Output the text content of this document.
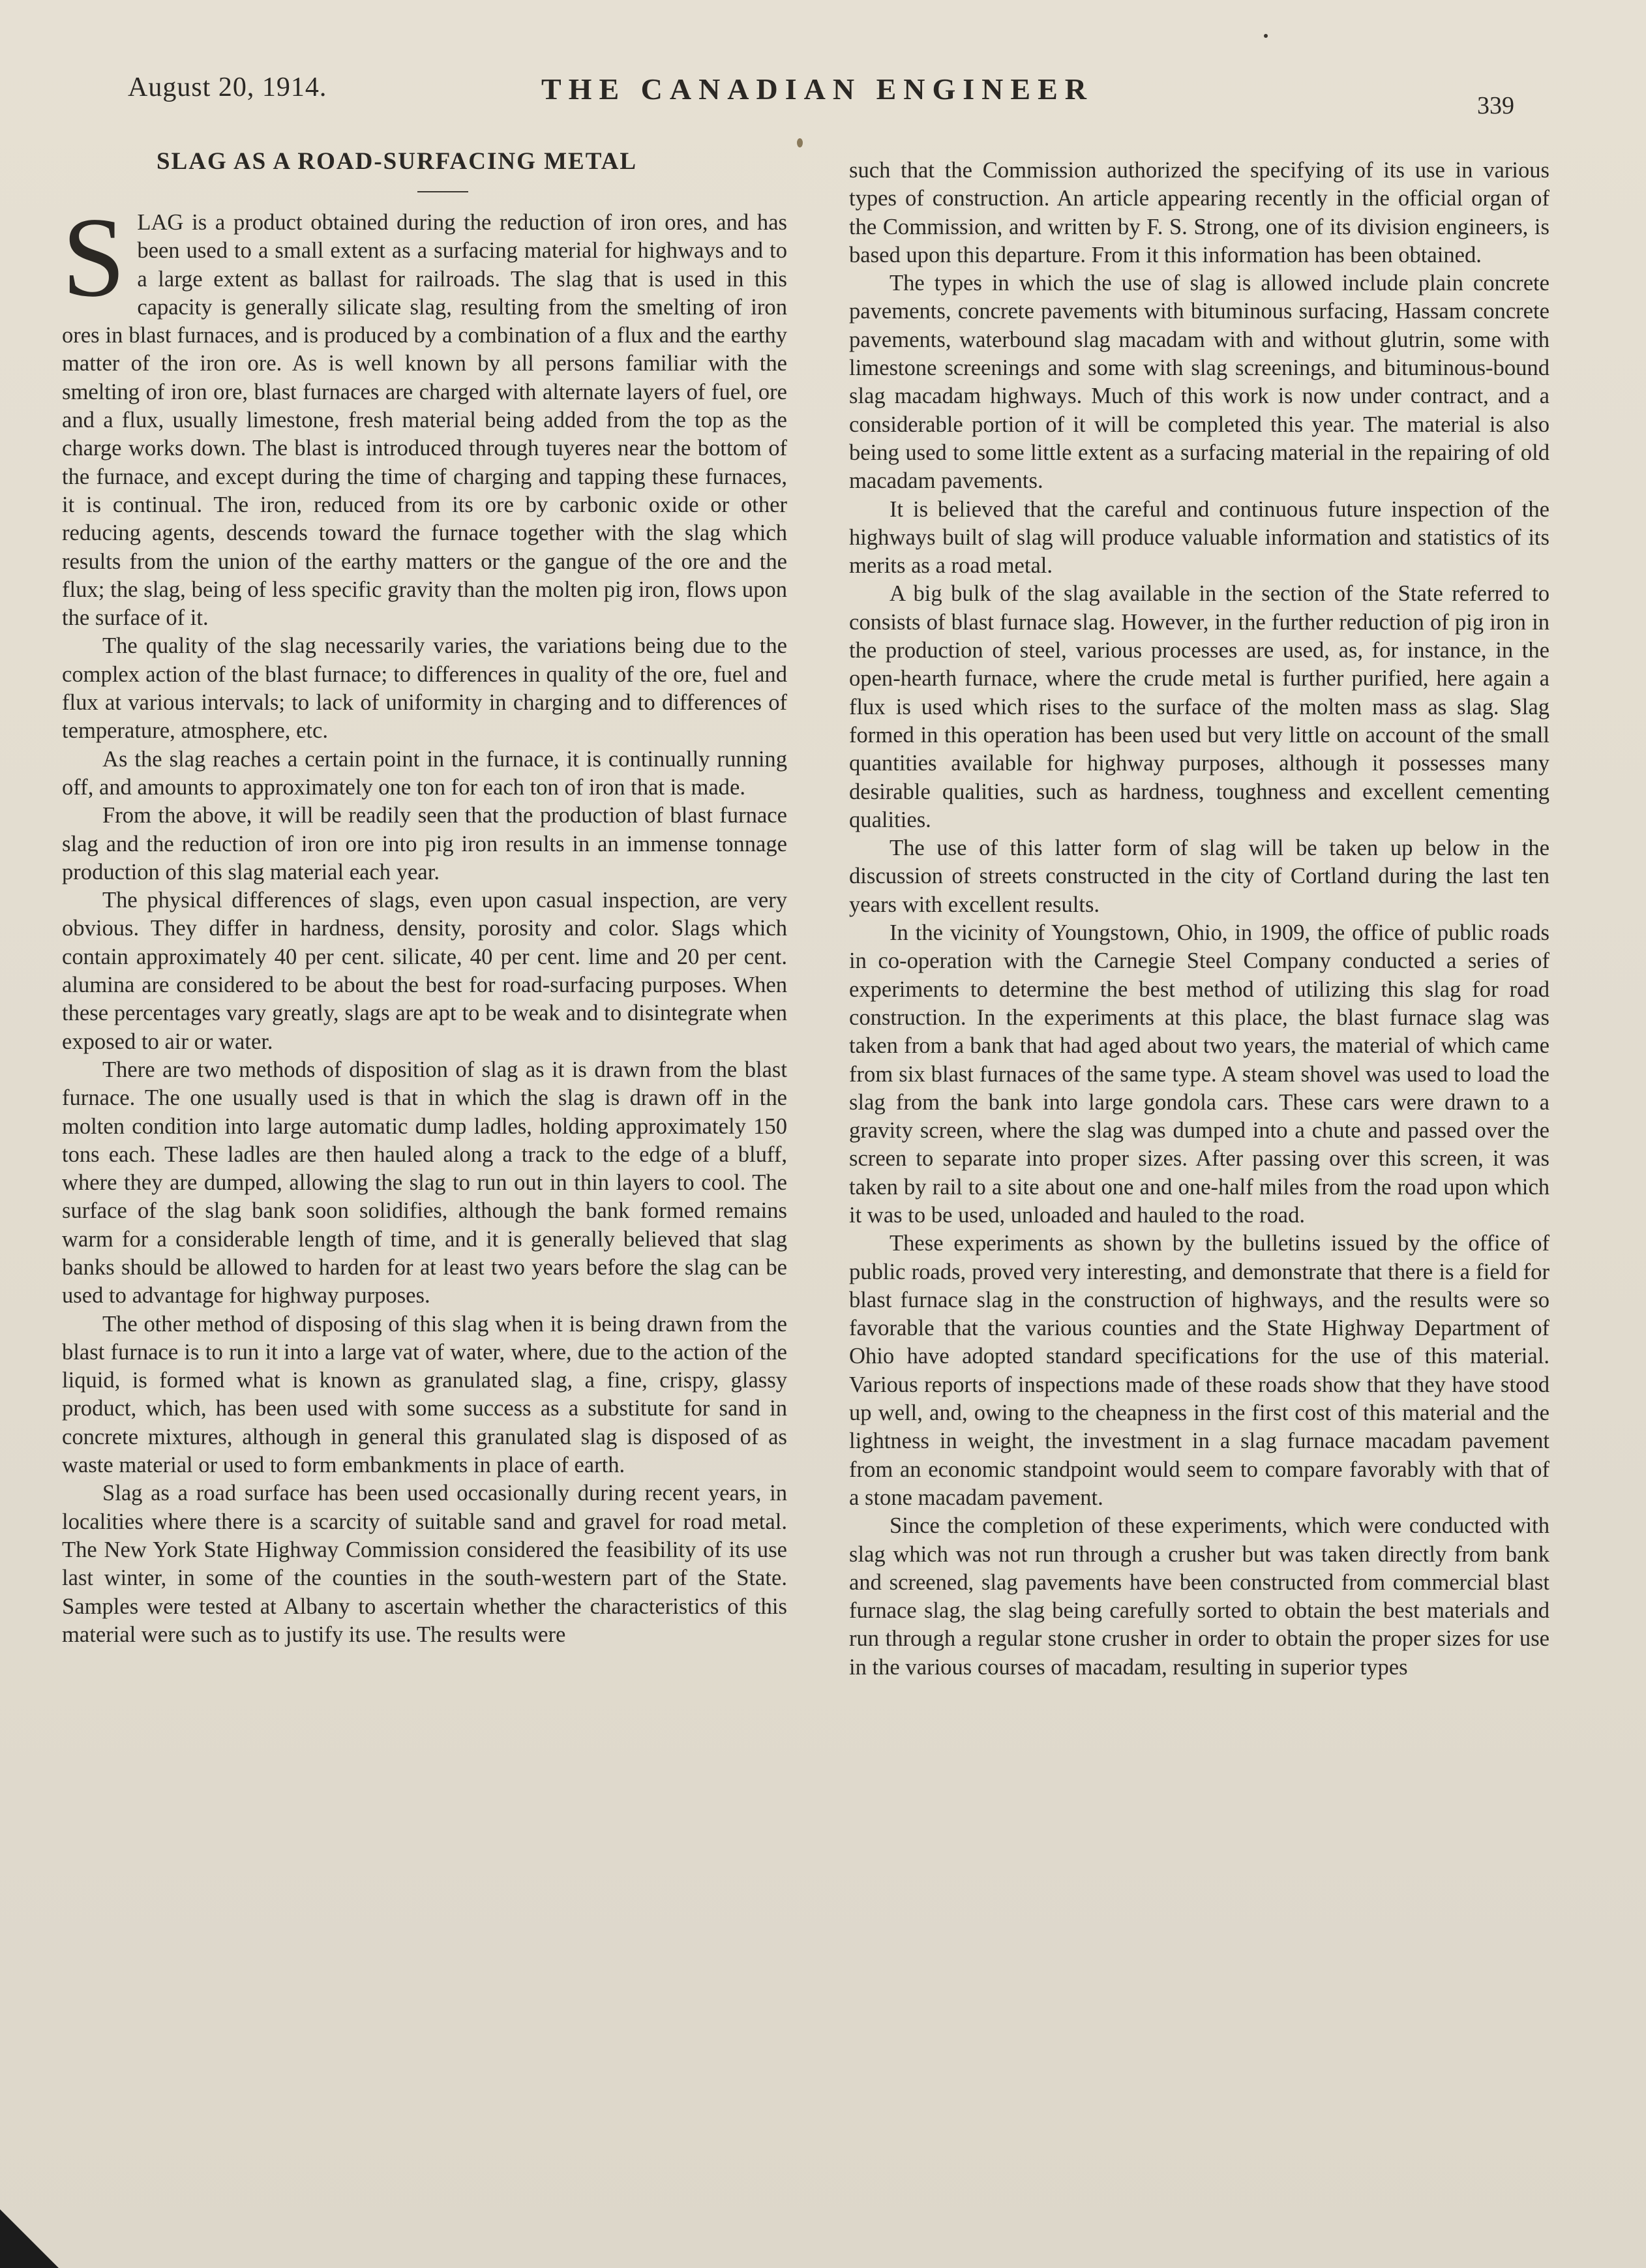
August 20, 1914.	THE CANADIAN ENGINEER	339
SLAG AS A ROAD-SURFACING METAL

SLAG is a product obtained during the reduction of iron ores, and has been used to a small extent as a surfacing material for highways and to a large extent as ballast for railroads. The slag that is used in this capacity is generally silicate slag, resulting from the smelting of iron ores in blast furnaces, and is produced by a combination of a flux and the earthy matter of the iron ore. As is well known by all persons familiar with the smelting of iron ore, blast furnaces are charged with alternate layers of fuel, ore and a flux, usually limestone, fresh material being added from the top as the charge works down. The blast is introduced through tuyeres near the bottom of the furnace, and except during the time of charging and tapping these furnaces, it is continual. The iron, reduced from its ore by carbonic oxide or other reducing agents, descends toward the furnace together with the slag which results from the union of the earthy matters or the gangue of the ore and the flux; the slag, being of less specific gravity than the molten pig iron, flows upon the surface of it.

The quality of the slag necessarily varies, the variations being due to the complex action of the blast furnace; to differences in quality of the ore, fuel and flux at various intervals; to lack of uniformity in charging and to differences of temperature, atmosphere, etc.

As the slag reaches a certain point in the furnace, it is continually running off, and amounts to approximately one ton for each ton of iron that is made.

From the above, it will be readily seen that the production of blast furnace slag and the reduction of iron ore into pig iron results in an immense tonnage production of this slag material each year.

The physical differences of slags, even upon casual inspection, are very obvious. They differ in hardness, density, porosity and color. Slags which contain approximately 40 per cent. silicate, 40 per cent. lime and 20 per cent. alumina are considered to be about the best for road-surfacing purposes. When these percentages vary greatly, slags are apt to be weak and to disintegrate when exposed to air or water.

There are two methods of disposition of slag as it is drawn from the blast furnace. The one usually used is that in which the slag is drawn off in the molten condition into large automatic dump ladles, holding approximately 150 tons each. These ladles are then hauled along a track to the edge of a bluff, where they are dumped, allowing the slag to run out in thin layers to cool. The surface of the slag bank soon solidifies, although the bank formed remains warm for a considerable length of time, and it is generally believed that slag banks should be allowed to harden for at least two years before the slag can be used to advantage for highway purposes.

The other method of disposing of this slag when it is being drawn from the blast furnace is to run it into a large vat of water, where, due to the action of the liquid, is formed what is known as granulated slag, a fine, crispy, glassy product, which, has been used with some success as a substitute for sand in concrete mixtures, although in general this granulated slag is disposed of as waste material or used to form embankments in place of earth.

Slag as a road surface has been used occasionally during recent years, in localities where there is a scarcity of suitable sand and gravel for road metal. The New York State Highway Commission considered the feasibility of its use last winter, in some of the counties in the south-western part of the State. Samples were tested at Albany to ascertain whether the characteristics of this material were such as to justify its use. The results were

such that the Commission authorized the specifying of its use in various types of construction. An article appearing recently in the official organ of the Commission, and written by F. S. Strong, one of its division engineers, is based upon this departure. From it this information has been obtained.

The types in which the use of slag is allowed include plain concrete pavements, concrete pavements with bituminous surfacing, Hassam concrete pavements, waterbound slag macadam with and without glutrin, some with limestone screenings and some with slag screenings, and bituminous-bound slag macadam highways. Much of this work is now under contract, and a considerable portion of it will be completed this year. The material is also being used to some little extent as a surfacing material in the repairing of old macadam pavements.

It is believed that the careful and continuous future inspection of the highways built of slag will produce valuable information and statistics of its merits as a road metal.

A big bulk of the slag available in the section of the State referred to consists of blast furnace slag. However, in the further reduction of pig iron in the production of steel, various processes are used, as, for instance, in the open-hearth furnace, where the crude metal is further purified, here again a flux is used which rises to the surface of the molten mass as slag. Slag formed in this operation has been used but very little on account of the small quantities available for highway purposes, although it possesses many desirable qualities, such as hardness, toughness and excellent cementing qualities.

The use of this latter form of slag will be taken up below in the discussion of streets constructed in the city of Cortland during the last ten years with excellent results.

In the vicinity of Youngstown, Ohio, in 1909, the office of public roads in co-operation with the Carnegie Steel Company conducted a series of experiments to determine the best method of utilizing this slag for road construction. In the experiments at this place, the blast furnace slag was taken from a bank that had aged about two years, the material of which came from six blast furnaces of the same type. A steam shovel was used to load the slag from the bank into large gondola cars. These cars were drawn to a gravity screen, where the slag was dumped into a chute and passed over the screen to separate into proper sizes. After passing over this screen, it was taken by rail to a site about one and one-half miles from the road upon which it was to be used, unloaded and hauled to the road.

These experiments as shown by the bulletins issued by the office of public roads, proved very interesting, and demonstrate that there is a field for blast furnace slag in the construction of highways, and the results were so favorable that the various counties and the State Highway Department of Ohio have adopted standard specifications for the use of this material. Various reports of inspections made of these roads show that they have stood up well, and, owing to the cheapness in the first cost of this material and the lightness in weight, the investment in a slag furnace macadam pavement from an economic standpoint would seem to compare favorably with that of a stone macadam pavement.

Since the completion of these experiments, which were conducted with slag which was not run through a crusher but was taken directly from bank and screened, slag pavements have been constructed from commercial blast furnace slag, the slag being carefully sorted to obtain the best materials and run through a regular stone crusher in order to obtain the proper sizes for use in the various courses of macadam, resulting in superior types
